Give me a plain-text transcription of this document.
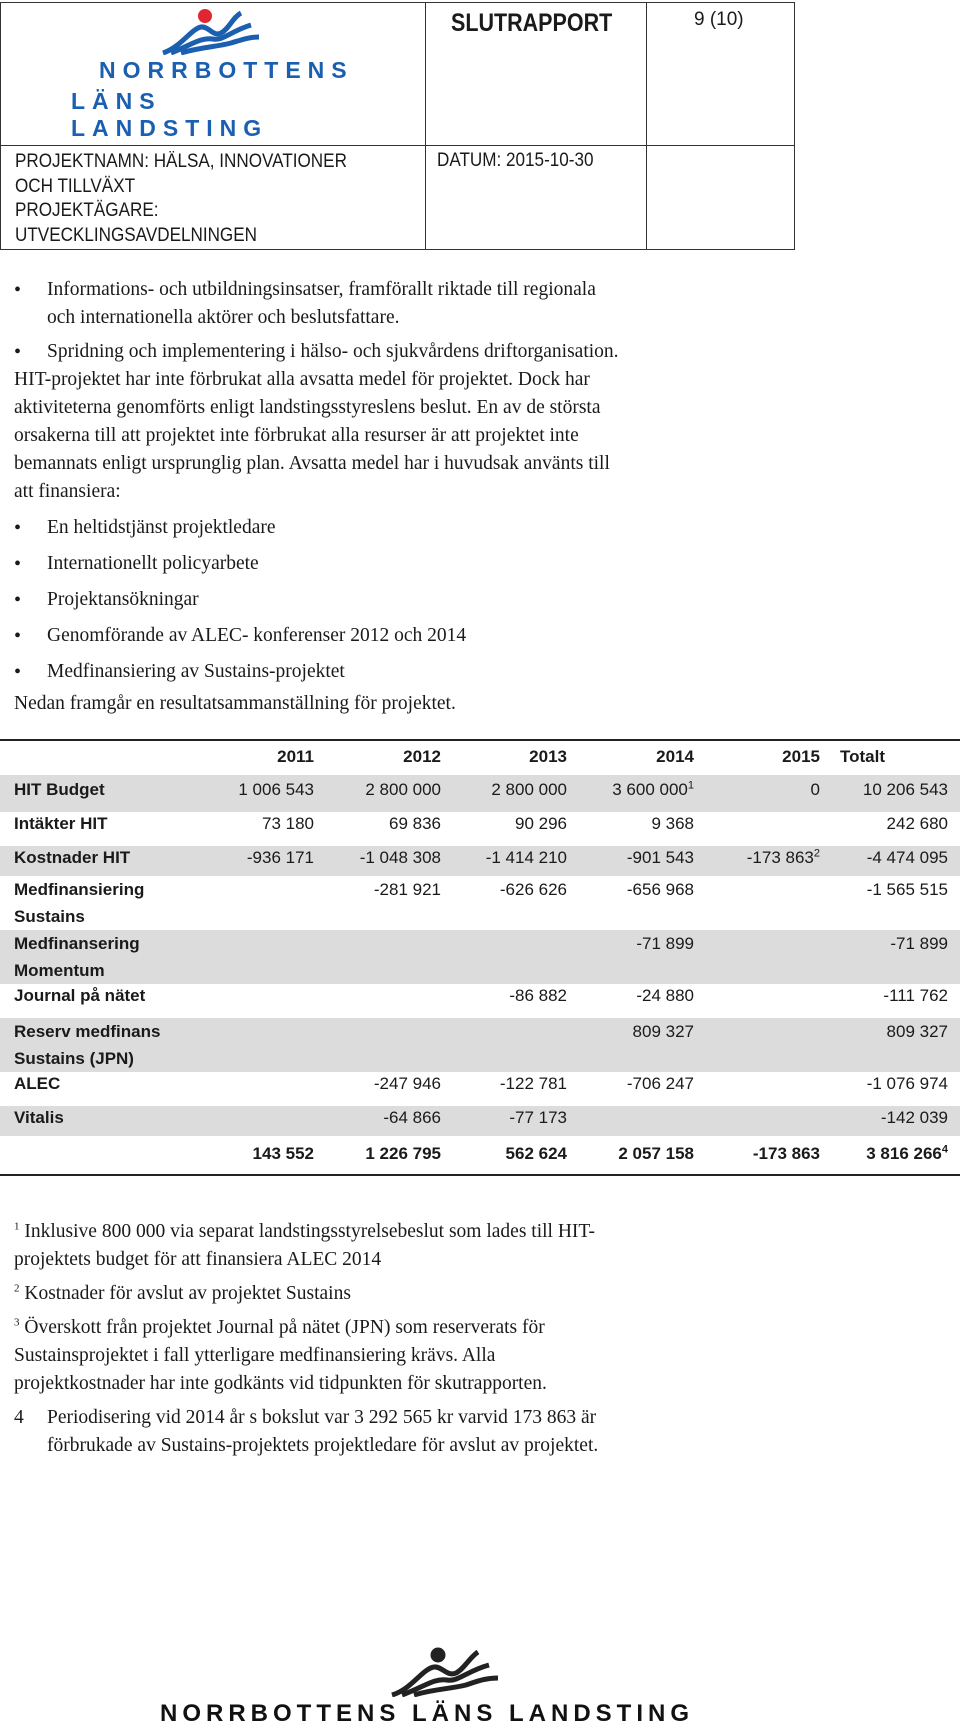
NORRBOTTENS
LÄNS LANDSTING
SLUTRAPPORT	9 (10)
PROJEKTNAMN: HÄLSA, INNOVATIONER
OCH TILLVÄXT
PROJEKTÄGARE:
UTVECKLINGSAVDELNINGEN
DATUM: 2015-10-30
• Informations- och utbildningsinsatser, framförallt riktade till regionala
och internationella aktörer och beslutsfattare.
• Spridning och implementering i hälso- och sjukvårdens driftorganisation.
HIT-projektet har inte förbrukat alla avsatta medel för projektet. Dock har
aktiviteterna genomförts enligt landstingsstyreslens beslut. En av de största
orsakerna till att projektet inte förbrukat alla resurser är att projektet inte
bemannats enligt ursprunglig plan. Avsatta medel har i huvudsak använts till
att finansiera:
• En heltidstjänst projektledare
• Internationellt policyarbete
• Projektansökningar
• Genomförande av ALEC- konferenser 2012 och 2014
• Medfinansiering av Sustains-projektet
Nedan framgår en resultatsammanställning för projektet.
	2011	2012	2013	2014	2015	Totalt
HIT Budget	1 006 543	2 800 000	2 800 000	3 600 $000^1$	0	10 206 543
Intäkter HIT	73 180	69 836	90 296	9 368		242 680

Kostnader HIT	-936 171	-1 048 308	-1 414 210	-901 543	-173 $863^2$	-4 474 095

Medfinansiering
Sustains		-281 921	-626 626	-656 968		-1 565 515

Medfinansering
Momentum				-71 899		-71 899
Journal på nätet			-86 882	-24 880		-111 762

Reserv medfinans
Sustains (JPN)				809 327		809 327
ALEC		-247 946	-122 781	-706 247		-1 076 974

Vitalis		-64 866	-77 173			-142 039
	143 552	1 226 795	562 624	2 057 158	-173 863	3 816 $266^4$
$^1$ Inklusive 800 000 via separat landstingsstyrelsebeslut som lades till HIT-
projektets budget för att finansiera ALEC 2014
$^2$ Kostnader för avslut av projektet Sustains
$^3$ Överskott från projektet Journal på nätet (JPN) som reserverats för
Sustainsprojektet i fall ytterligare medfinansiering krävs. Alla
projektkostnader har inte godkänts vid tidpunkten för skutrapporten.
4 Periodisering vid 2014 år s bokslut var 3 292 565 kr varvid 173 863 är
förbrukade av Sustains-projektets projektledare för avslut av projektet.
NORRBOTTENS LÄNS LANDSTING
